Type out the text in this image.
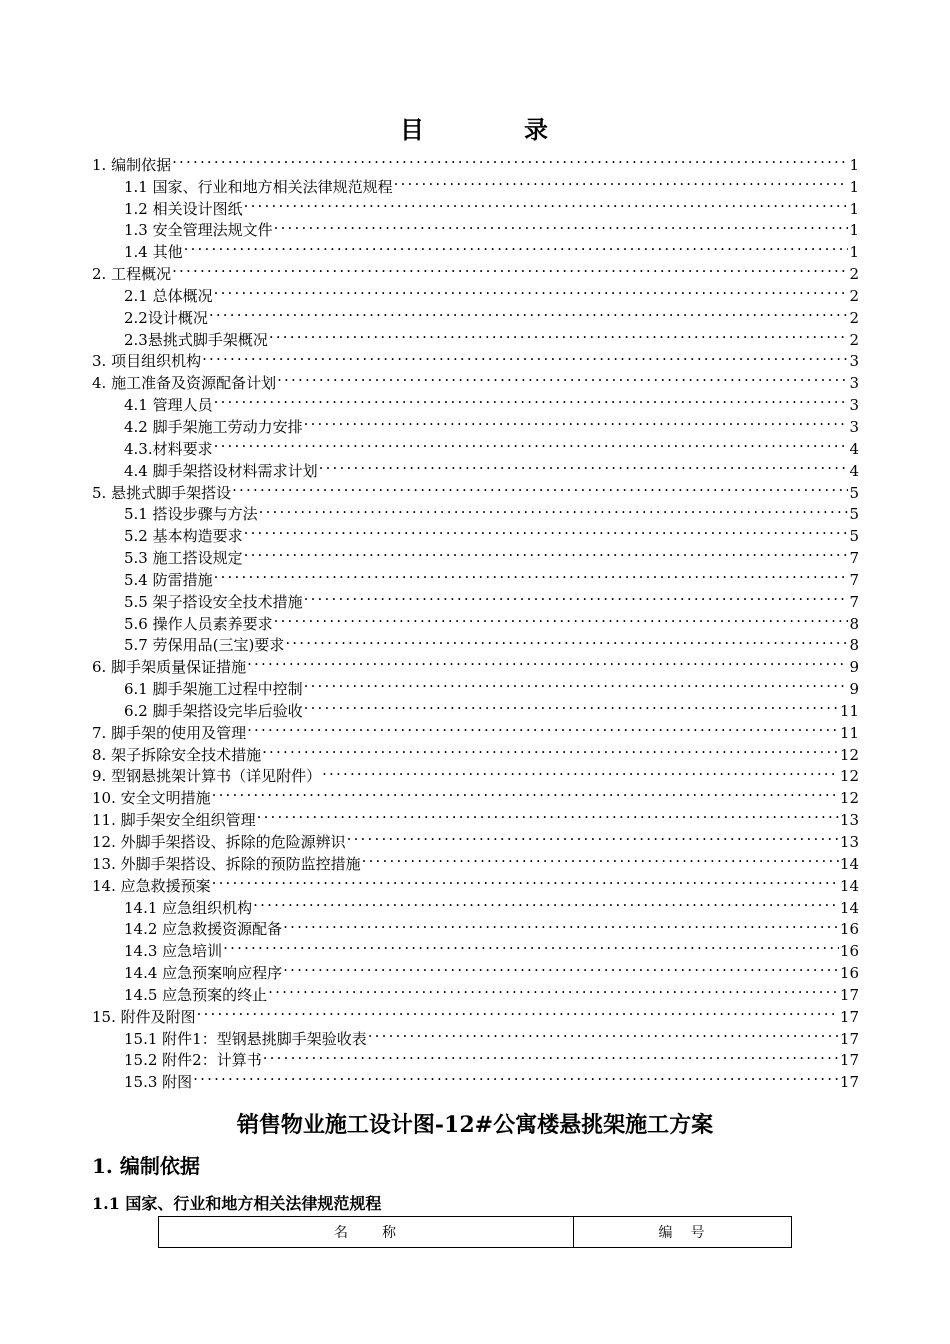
目	录
1. 编制依据 .....	1
1.1 国家、行业和地方相关法律规范规程 .....	1
1.2 相关设计图纸 .....	1
1.3 安全管理法规文件 .....	1
1.4 其他 .....	1
2. 工程概况 .....	2
2.1 总体概况 .....	2
2.2设计概况 .....	2
2.3悬挑式脚手架概况 .....	2
3. 项目组织机构 .....	3
4. 施工准备及资源配备计划 .....	3
4.1 管理人员 .....	3
4.2 脚手架施工劳动力安排 .....	3
4.3.材料要求 .....	4
4.4 脚手架搭设材料需求计划 .....	4
5. 悬挑式脚手架搭设 .....	5
5.1 搭设步骤与方法 .....	5
5.2 基本构造要求 .....	5
5.3 施工搭设规定 .....	7
5.4 防雷措施 .....	7
5.5 架子搭设安全技术措施 .....	7
5.6 操作人员素养要求 .....	8
5.7 劳保用品(三宝)要求 .....	8
6. 脚手架质量保证措施 .....	9
6.1 脚手架施工过程中控制 .....	9
6.2 脚手架搭设完毕后验收 .....	11
7. 脚手架的使用及管理 .....	11
8. 架子拆除安全技术措施 .....	12
9. 型钢悬挑架计算书（详见附件） .....	12
10. 安全文明措施 .....	12
11. 脚手架安全组织管理 .....	13
12. 外脚手架搭设、拆除的危险源辨识 .....	13
13. 外脚手架搭设、拆除的预防监控措施 .....	14
14. 应急救援预案 .....	14
14.1 应急组织机构 .....	14
14.2 应急救援资源配备 .....	16
14.3 应急培训 .....	16
14.4 应急预案响应程序 .....	16
14.5 应急预案的终止 .....	17
15. 附件及附图 .....	17
15.1 附件1：型钢悬挑脚手架验收表 .....	17
15.2 附件2：计算书 .....	17
15.3 附图 .....	17
销售物业施工设计图-12#公寓楼悬挑架施工方案
1. 编制依据
1.1 国家、行业和地方相关法律规范规程
名　　称	编　号
